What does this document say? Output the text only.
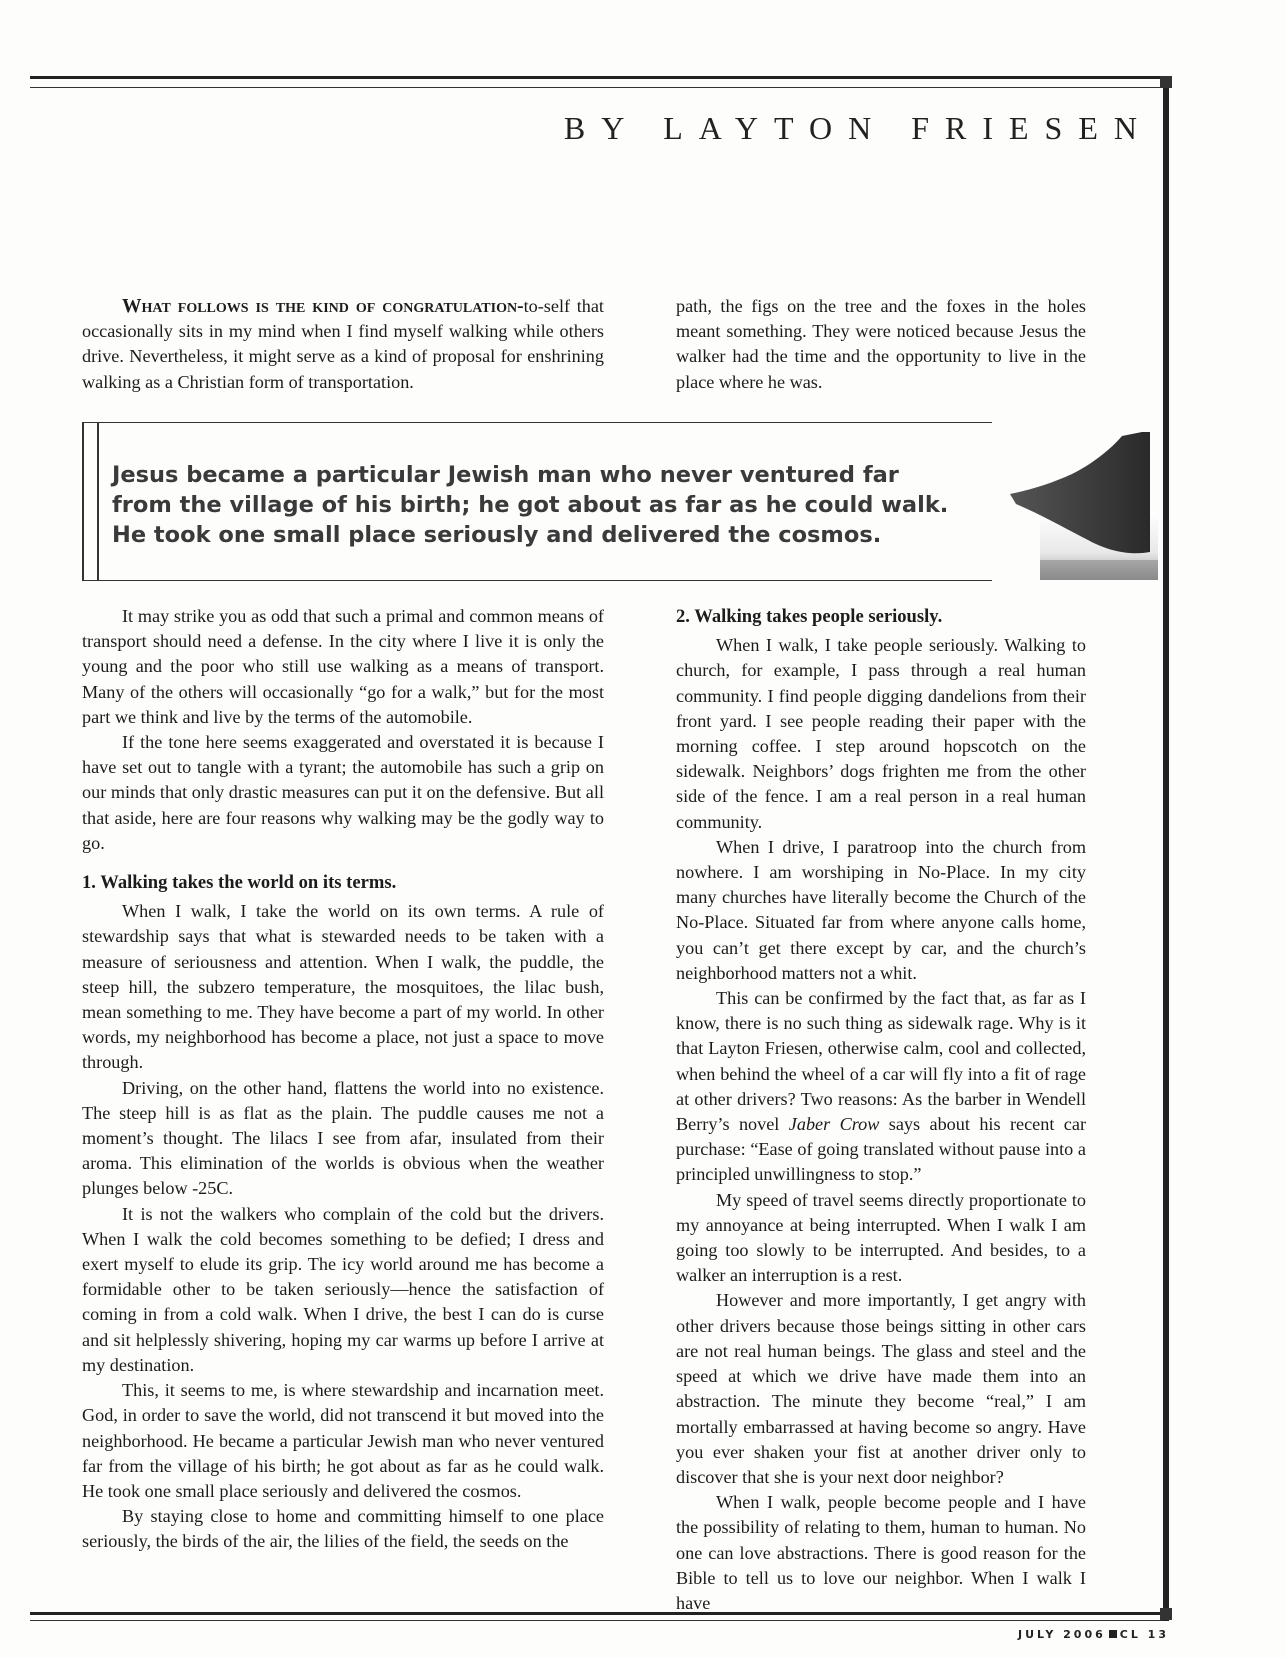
BY LAYTON FRIESEN

What follows is the kind of congratulation-to-self that occasionally sits in my mind when I find myself walking while others drive. Nevertheless, it might serve as a kind of proposal for enshrining walking as a Christian form of transportation.

path, the figs on the tree and the foxes in the holes meant something. They were noticed because Jesus the walker had the time and the opportunity to live in the place where he was.

Jesus became a particular Jewish man who never ventured far from the village of his birth; he got about as far as he could walk. He took one small place seriously and delivered the cosmos.

It may strike you as odd that such a primal and common means of transport should need a defense. In the city where I live it is only the young and the poor who still use walking as a means of transport. Many of the others will occasionally “go for a walk,” but for the most part we think and live by the terms of the automobile.

If the tone here seems exaggerated and overstated it is because I have set out to tangle with a tyrant; the automobile has such a grip on our minds that only drastic measures can put it on the defensive. But all that aside, here are four reasons why walking may be the godly way to go.

1. Walking takes the world on its terms.

When I walk, I take the world on its own terms. A rule of stewardship says that what is stewarded needs to be taken with a measure of seriousness and attention. When I walk, the puddle, the steep hill, the subzero temperature, the mosquitoes, the lilac bush, mean something to me. They have become a part of my world. In other words, my neighborhood has become a place, not just a space to move through.

Driving, on the other hand, flattens the world into no existence. The steep hill is as flat as the plain. The puddle causes me not a moment’s thought. The lilacs I see from afar, insulated from their aroma. This elimination of the worlds is obvious when the weather plunges below -25C.

It is not the walkers who complain of the cold but the drivers. When I walk the cold becomes something to be defied; I dress and exert myself to elude its grip. The icy world around me has become a formidable other to be taken seriously—hence the satisfaction of coming in from a cold walk. When I drive, the best I can do is curse and sit helplessly shivering, hoping my car warms up before I arrive at my destination.

This, it seems to me, is where stewardship and incarnation meet. God, in order to save the world, did not transcend it but moved into the neighborhood. He became a particular Jewish man who never ventured far from the village of his birth; he got about as far as he could walk. He took one small place seriously and delivered the cosmos.

By staying close to home and committing himself to one place seriously, the birds of the air, the lilies of the field, the seeds on the

2. Walking takes people seriously.

When I walk, I take people seriously. Walking to church, for example, I pass through a real human community. I find people digging dandelions from their front yard. I see people reading their paper with the morning coffee. I step around hopscotch on the sidewalk. Neighbors’ dogs frighten me from the other side of the fence. I am a real person in a real human community.

When I drive, I paratroop into the church from nowhere. I am worshiping in No-Place. In my city many churches have literally become the Church of the No-Place. Situated far from where anyone calls home, you can’t get there except by car, and the church’s neighborhood matters not a whit.

This can be confirmed by the fact that, as far as I know, there is no such thing as sidewalk rage. Why is it that Layton Friesen, otherwise calm, cool and collected, when behind the wheel of a car will fly into a fit of rage at other drivers? Two reasons: As the barber in Wendell Berry’s novel Jaber Crow says about his recent car purchase: “Ease of going translated without pause into a principled unwillingness to stop.”

My speed of travel seems directly proportionate to my annoyance at being interrupted. When I walk I am going too slowly to be interrupted. And besides, to a walker an interruption is a rest.

However and more importantly, I get angry with other drivers because those beings sitting in other cars are not real human beings. The glass and steel and the speed at which we drive have made them into an abstraction. The minute they become “real,” I am mortally embarrassed at having become so angry. Have you ever shaken your fist at another driver only to discover that she is your next door neighbor?

When I walk, people become people and I have the possibility of relating to them, human to human. No one can love abstractions. There is good reason for the Bible to tell us to love our neighbor. When I walk I have

JULY 2006 CL 13
